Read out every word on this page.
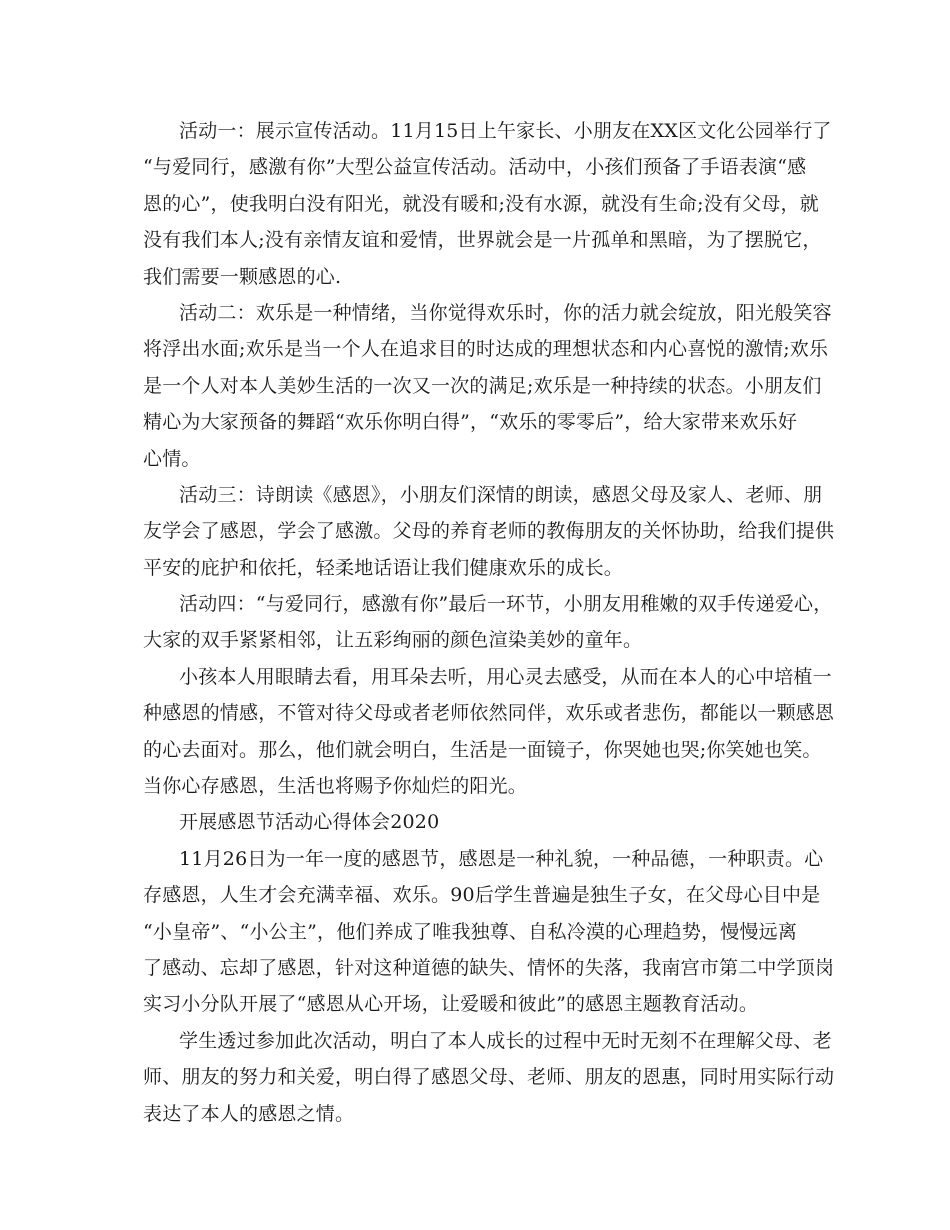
活动一：展示宣传活动。11月15日上午家长、小朋友在XX区文化公园举行了
“与爱同行，感激有你”大型公益宣传活动。活动中，小孩们预备了手语表演“感
恩的心”，使我明白没有阳光，就没有暖和;没有水源，就没有生命;没有父母，就
没有我们本人;没有亲情友谊和爱情，世界就会是一片孤单和黑暗，为了摆脱它，
我们需要一颗感恩的心.
活动二：欢乐是一种情绪，当你觉得欢乐时，你的活力就会绽放，阳光般笑容
将浮出水面;欢乐是当一个人在追求目的时达成的理想状态和内心喜悦的激情;欢乐
是一个人对本人美妙生活的一次又一次的满足;欢乐是一种持续的状态。小朋友们
精心为大家预备的舞蹈“欢乐你明白得”，“欢乐的零零后”，给大家带来欢乐好
心情。
活动三：诗朗读《感恩》，小朋友们深情的朗读，感恩父母及家人、老师、朋
友学会了感恩，学会了感激。父母的养育老师的教侮朋友的关怀协助，给我们提供
平安的庇护和依托，轻柔地话语让我们健康欢乐的成长。
活动四：“与爱同行，感激有你”最后一环节，小朋友用稚嫩的双手传递爱心，
大家的双手紧紧相邻，让五彩绚丽的颜色渲染美妙的童年。
小孩本人用眼睛去看，用耳朵去听，用心灵去感受，从而在本人的心中培植一
种感恩的情感，不管对待父母或者老师依然同伴，欢乐或者悲伤，都能以一颗感恩
的心去面对。那么，他们就会明白，生活是一面镜子，你哭她也哭;你笑她也笑。
当你心存感恩，生活也将赐予你灿烂的阳光。
开展感恩节活动心得体会2020
11月26日为一年一度的感恩节，感恩是一种礼貌，一种品德，一种职责。心
存感恩，人生才会充满幸福、欢乐。90后学生普遍是独生子女，在父母心目中是
“小皇帝”、“小公主”，他们养成了唯我独尊、自私冷漠的心理趋势，慢慢远离
了感动、忘却了感恩，针对这种道德的缺失、情怀的失落，我南宫市第二中学顶岗
实习小分队开展了“感恩从心开场，让爱暖和彼此”的感恩主题教育活动。
学生透过参加此次活动，明白了本人成长的过程中无时无刻不在理解父母、老
师、朋友的努力和关爱，明白得了感恩父母、老师、朋友的恩惠，同时用实际行动
表达了本人的感恩之情。
